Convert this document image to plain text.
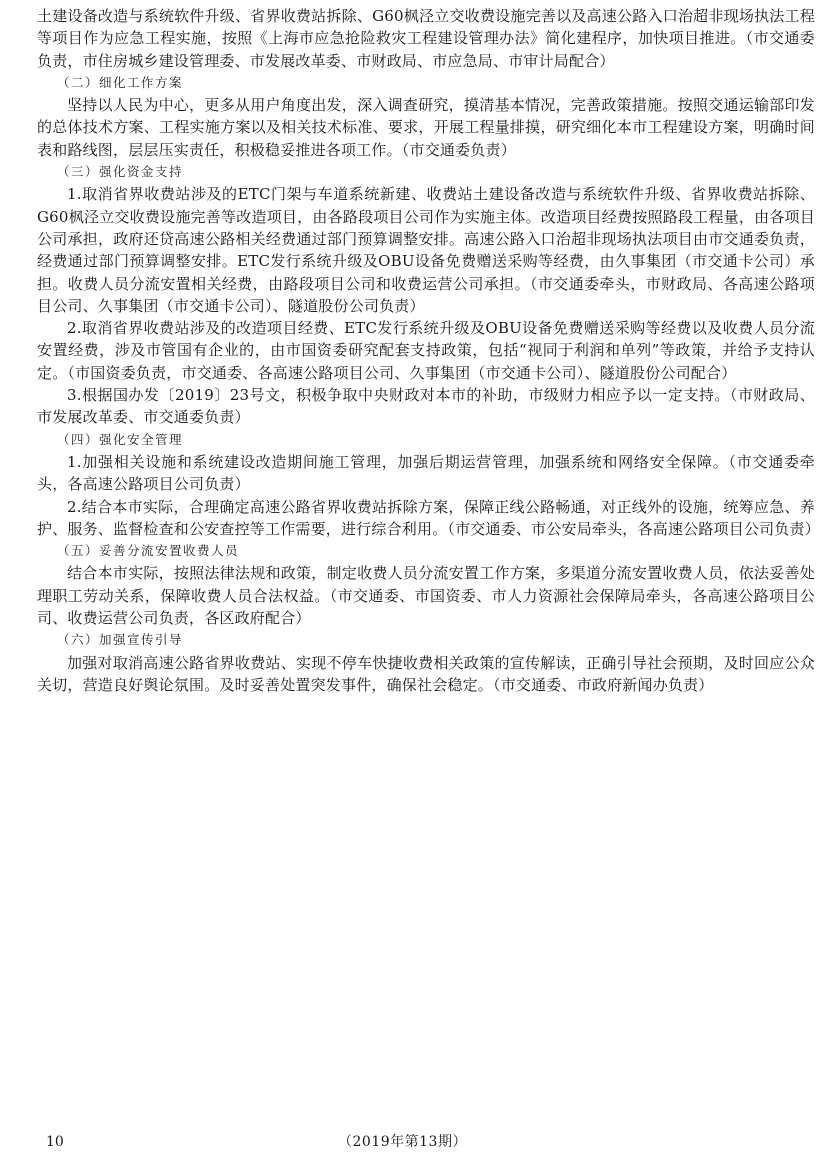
土建设备改造与系统软件升级、省界收费站拆除、G60枫泾立交收费设施完善以及高速公路入口治超非现场执法工程等项目作为应急工程实施，按照《上海市应急抢险救灾工程建设管理办法》简化建程序，加快项目推进。（市交通委负责，市住房城乡建设管理委、市发展改革委、市财政局、市应急局、市审计局配合）

（二）细化工作方案

坚持以人民为中心，更多从用户角度出发，深入调查研究，摸清基本情况，完善政策措施。按照交通运输部印发的总体技术方案、工程实施方案以及相关技术标准、要求，开展工程量排摸，研究细化本市工程建设方案，明确时间表和路线图，层层压实责任，积极稳妥推进各项工作。（市交通委负责）

（三）强化资金支持

1.取消省界收费站涉及的ETC门架与车道系统新建、收费站土建设备改造与系统软件升级、省界收费站拆除、G60枫泾立交收费设施完善等改造项目，由各路段项目公司作为实施主体。改造项目经费按照路段工程量，由各项目公司承担，政府还贷高速公路相关经费通过部门预算调整安排。高速公路入口治超非现场执法项目由市交通委负责，经费通过部门预算调整安排。ETC发行系统升级及OBU设备免费赠送采购等经费，由久事集团（市交通卡公司）承担。收费人员分流安置相关经费，由路段项目公司和收费运营公司承担。（市交通委牵头，市财政局、各高速公路项目公司、久事集团（市交通卡公司）、隧道股份公司负责）

2.取消省界收费站涉及的改造项目经费、ETC发行系统升级及OBU设备免费赠送采购等经费以及收费人员分流安置经费，涉及市管国有企业的，由市国资委研究配套支持政策，包括“视同于利润和单列”等政策，并给予支持认定。（市国资委负责，市交通委、各高速公路项目公司、久事集团（市交通卡公司）、隧道股份公司配合）

3.根据国办发〔2019〕23号文，积极争取中央财政对本市的补助，市级财力相应予以一定支持。（市财政局、市发展改革委、市交通委负责）

（四）强化安全管理

1.加强相关设施和系统建设改造期间施工管理，加强后期运营管理，加强系统和网络安全保障。（市交通委牵头，各高速公路项目公司负责）

2.结合本市实际，合理确定高速公路省界收费站拆除方案，保障正线公路畅通，对正线外的设施，统筹应急、养护、服务、监督检查和公安查控等工作需要，进行综合利用。（市交通委、市公安局牵头，各高速公路项目公司负责）

（五）妥善分流安置收费人员

结合本市实际，按照法律法规和政策，制定收费人员分流安置工作方案，多渠道分流安置收费人员，依法妥善处理职工劳动关系，保障收费人员合法权益。（市交通委、市国资委、市人力资源社会保障局牵头，各高速公路项目公司、收费运营公司负责，各区政府配合）

（六）加强宣传引导

加强对取消高速公路省界收费站、实现不停车快捷收费相关政策的宣传解读，正确引导社会预期，及时回应公众关切，营造良好舆论氛围。及时妥善处置突发事件，确保社会稳定。（市交通委、市政府新闻办负责）

10	（2019年第13期）
